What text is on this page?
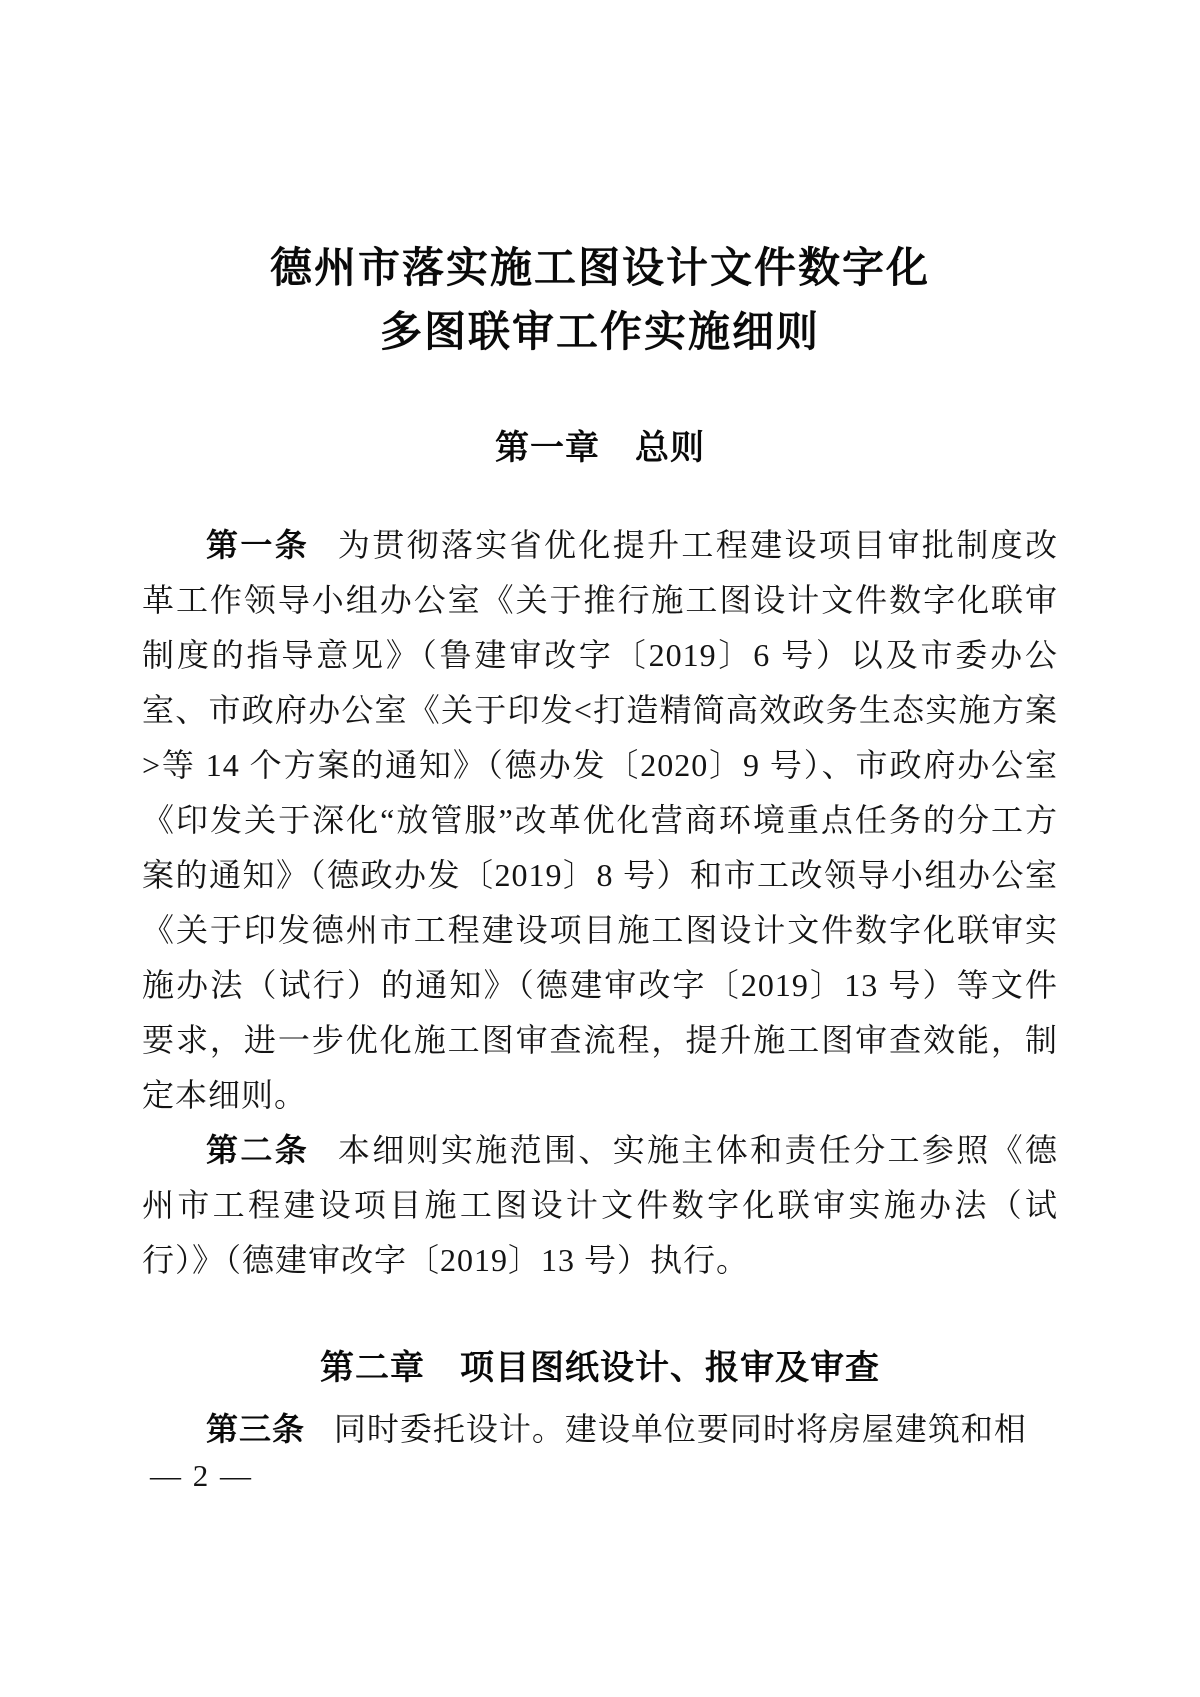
德州市落实施工图设计文件数字化
多图联审工作实施细则
第一章　总则

第一条 为贯彻落实省优化提升工程建设项目审批制度改革工作领导小组办公室《关于推行施工图设计文件数字化联审制度的指导意见》（鲁建审改字〔2019〕6 号）以及市委办公室、市政府办公室《关于印发<打造精简高效政务生态实施方案>等 14 个方案的通知》（德办发〔2020〕9 号）、市政府办公室《印发关于深化“放管服”改革优化营商环境重点任务的分工方案的通知》（德政办发〔2019〕8 号）和市工改领导小组办公室《关于印发德州市工程建设项目施工图设计文件数字化联审实施办法（试行）的通知》（德建审改字〔2019〕13 号）等文件要求，进一步优化施工图审查流程，提升施工图审查效能，制定本细则。

第二条 本细则实施范围、实施主体和责任分工参照《德州市工程建设项目施工图设计文件数字化联审实施办法（试行）》（德建审改字〔2019〕13 号）执行。

第二章　项目图纸设计、报审及审查

第三条 同时委托设计。建设单位要同时将房屋建筑和相

— 2 —
